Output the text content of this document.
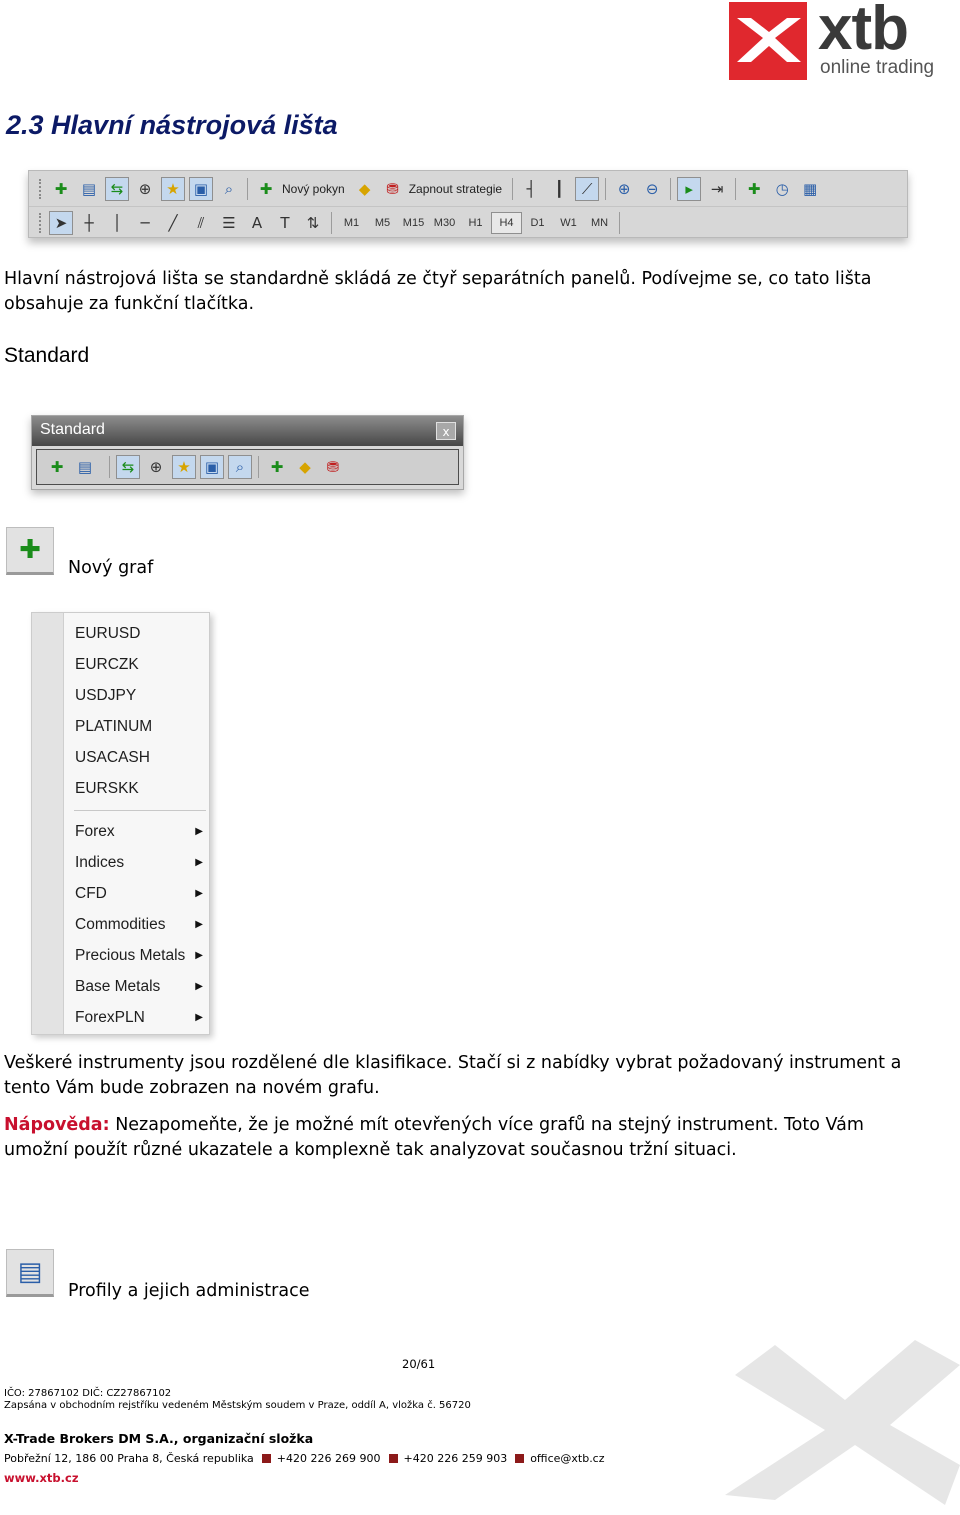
xtb
online trading
2.3 Hlavní nástrojová lišta
✚ ▤ ⇆	⊕ ★ ▣	⌕	✚ Nový pokyn ◆	⛃ Zapnout strategie	┤	┃	⟋	⊕	⊖	▸	⇥	✚	◷ ▦
➤	┼	│	─	╱	⫽	☰	A	T	⇅	M1	M5	M15 M30	H1	H4	D1	W1	MN
Hlavní nástrojová lišta se standardně skládá ze čtyř separátních panelů. Podívejme se, co tato lišta
obsahuje za funkční tlačítka.
Standard
Standard	x
✚ ▤	⇆	⊕ ★ ▣	⌕	✚	◆	⛃
✚
Nový graf
EURUSD
EURCZK
USDJPY
PLATINUM
USACASH
EURSKK
Forex	▶
Indices	▶
CFD	▶
Commodities	▶
Precious Metals ▶
Base Metals	▶
ForexPLN	▶
Veškeré instrumenty jsou rozdělené dle klasifikace. Stačí si z nabídky vybrat požadovaný instrument a
tento Vám bude zobrazen na novém grafu.
Nápověda: Nezapomeňte, že je možné mít otevřených více grafů na stejný instrument. Toto Vám
umožní použít různé ukazatele a komplexně tak analyzovat současnou tržní situaci.
▤
Profily a jejich administrace
20/61
IČO: 27867102 DIČ: CZ27867102
Zapsána v obchodním rejstříku vedeném Městským soudem v Praze, oddíl A, vložka č. 56720
X-Trade Brokers DM S.A., organizační složka
Pobřežní 12, 186 00 Praha 8, Česká republika +420 226 269 900 +420 226 259 903 office@xtb.cz
www.xtb.cz
